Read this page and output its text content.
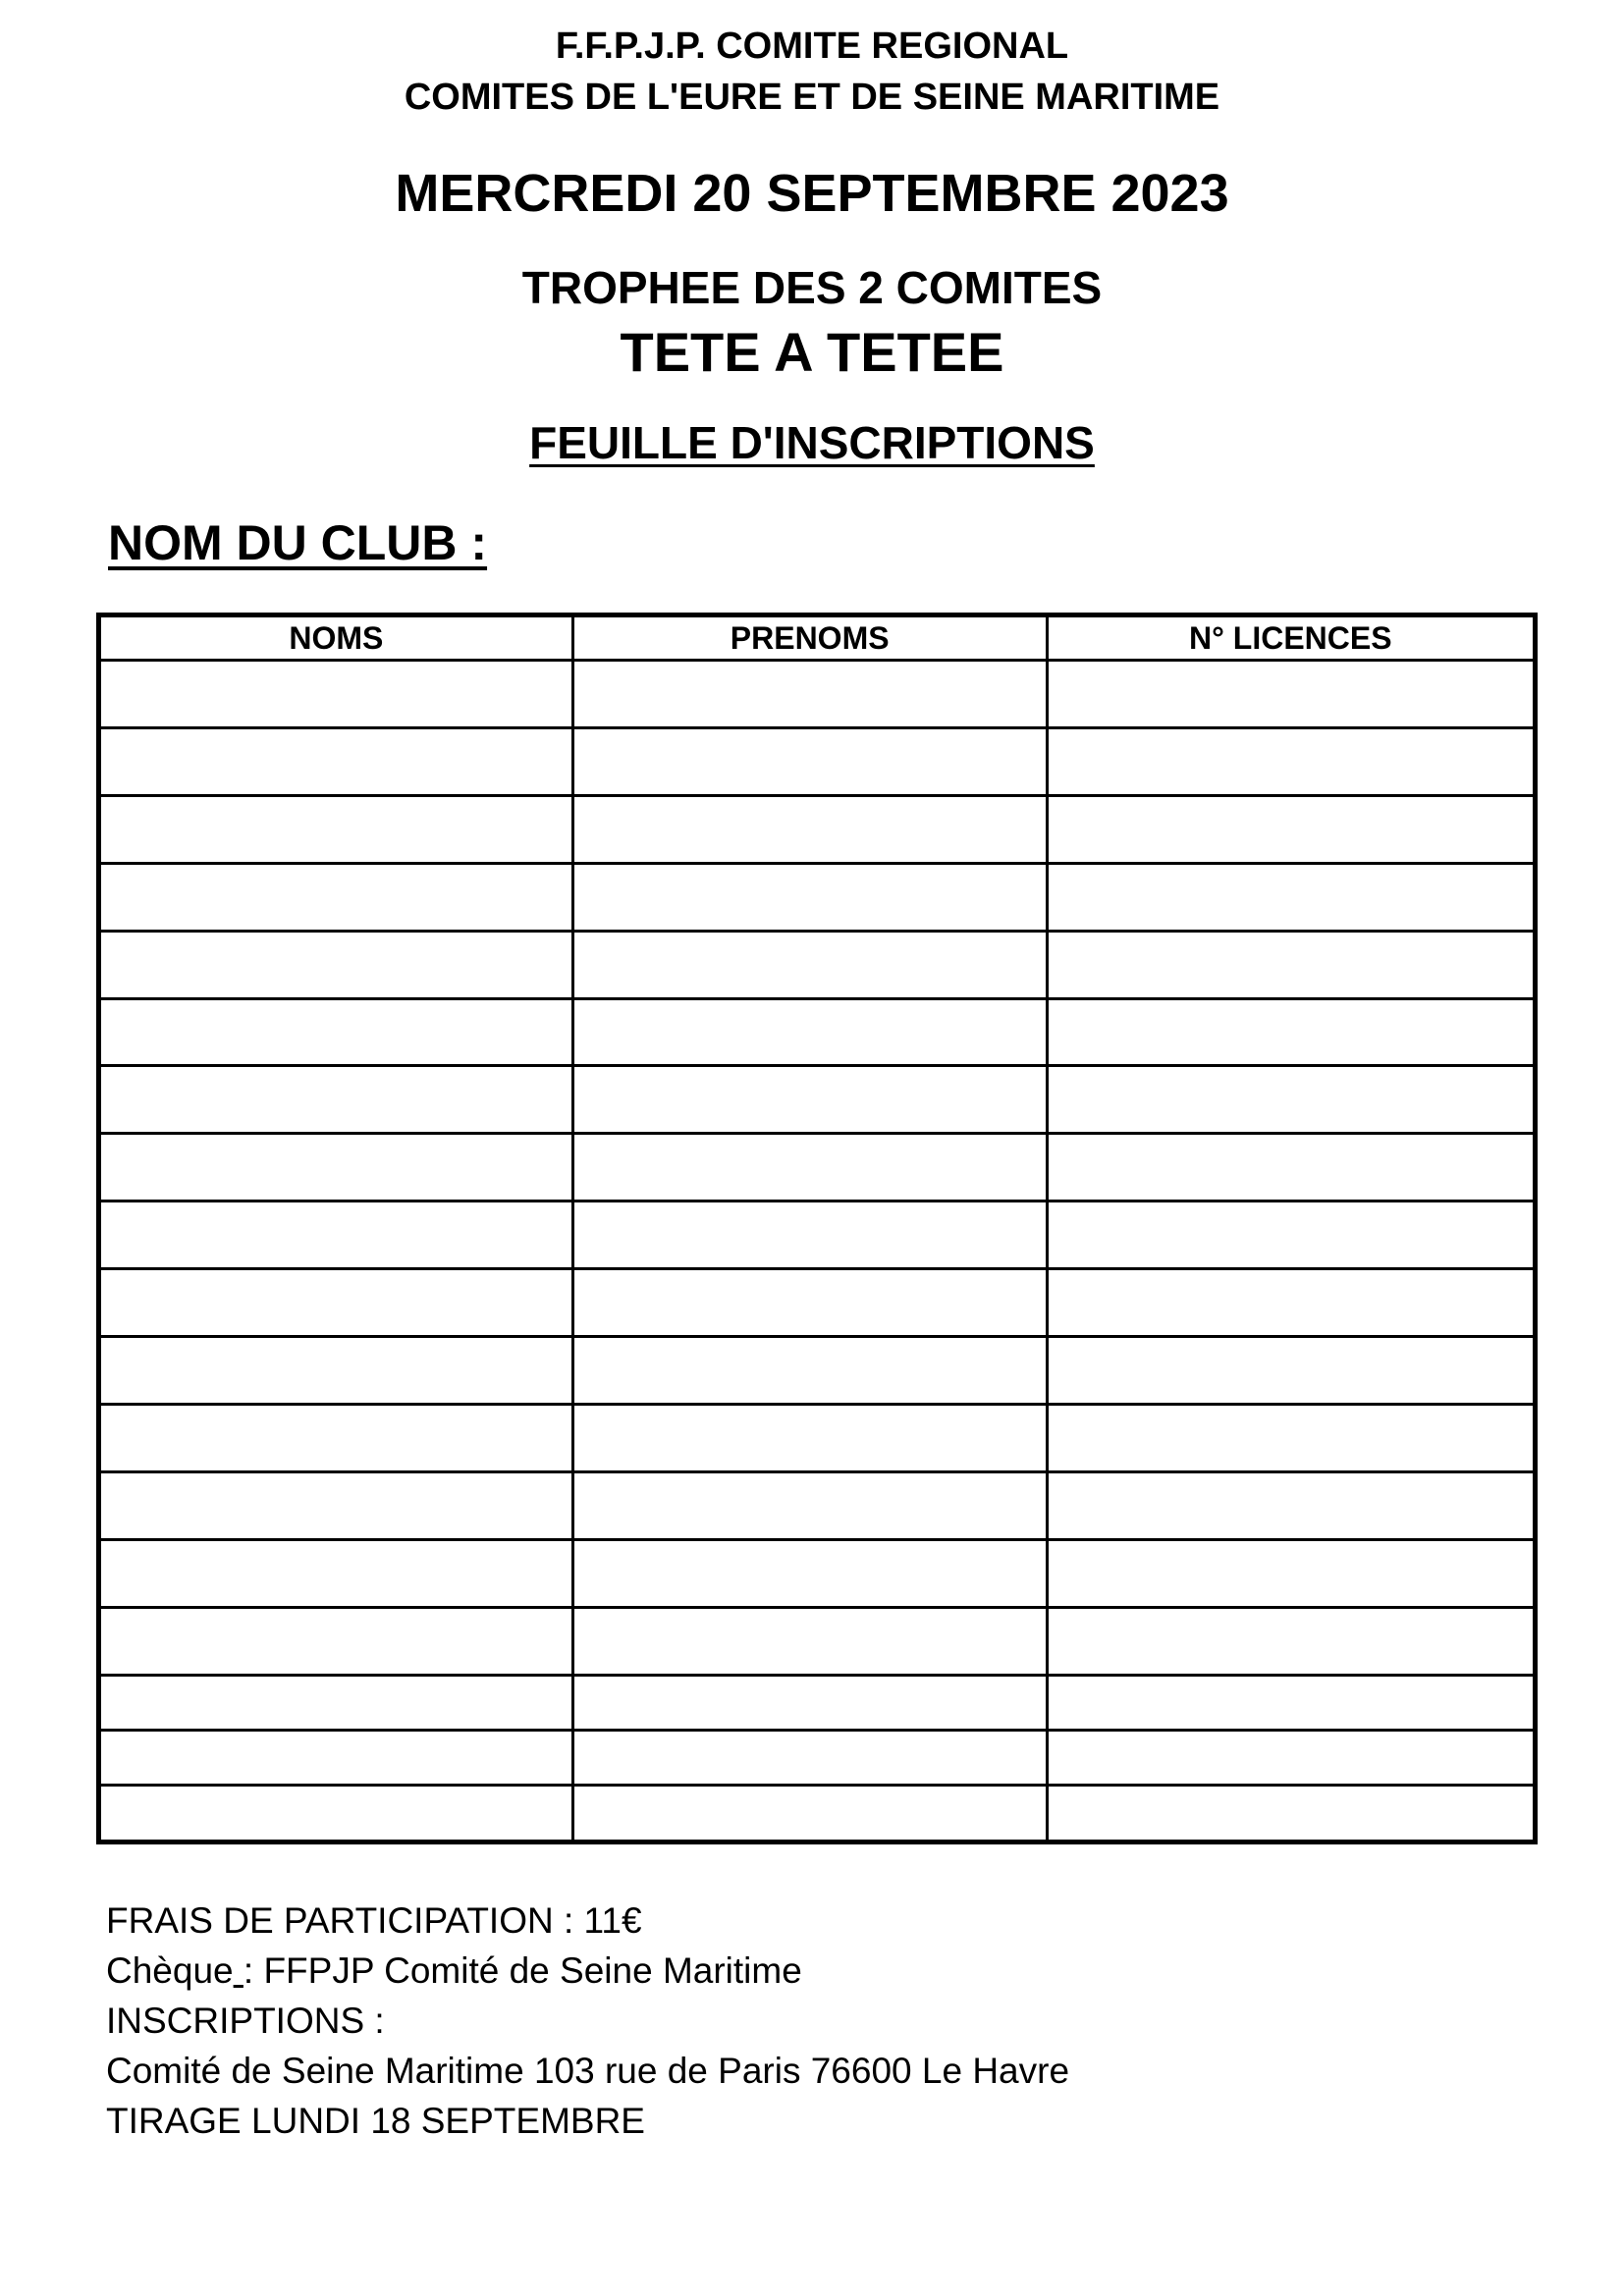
F.F.P.J.P. COMITE REGIONAL
COMITES DE L'EURE ET DE SEINE MARITIME
MERCREDI 20 SEPTEMBRE 2023
TROPHEE DES 2 COMITES
TETE A TETEE
FEUILLE D'INSCRIPTIONS
NOM DU CLUB :
NOMS	PRENOMS	N° LICENCES

FRAIS DE PARTICIPATION : 11€
Chèque : FFPJP Comité de Seine Maritime
INSCRIPTIONS :
Comité de Seine Maritime 103 rue de Paris 76600 Le Havre
TIRAGE LUNDI 18 SEPTEMBRE
